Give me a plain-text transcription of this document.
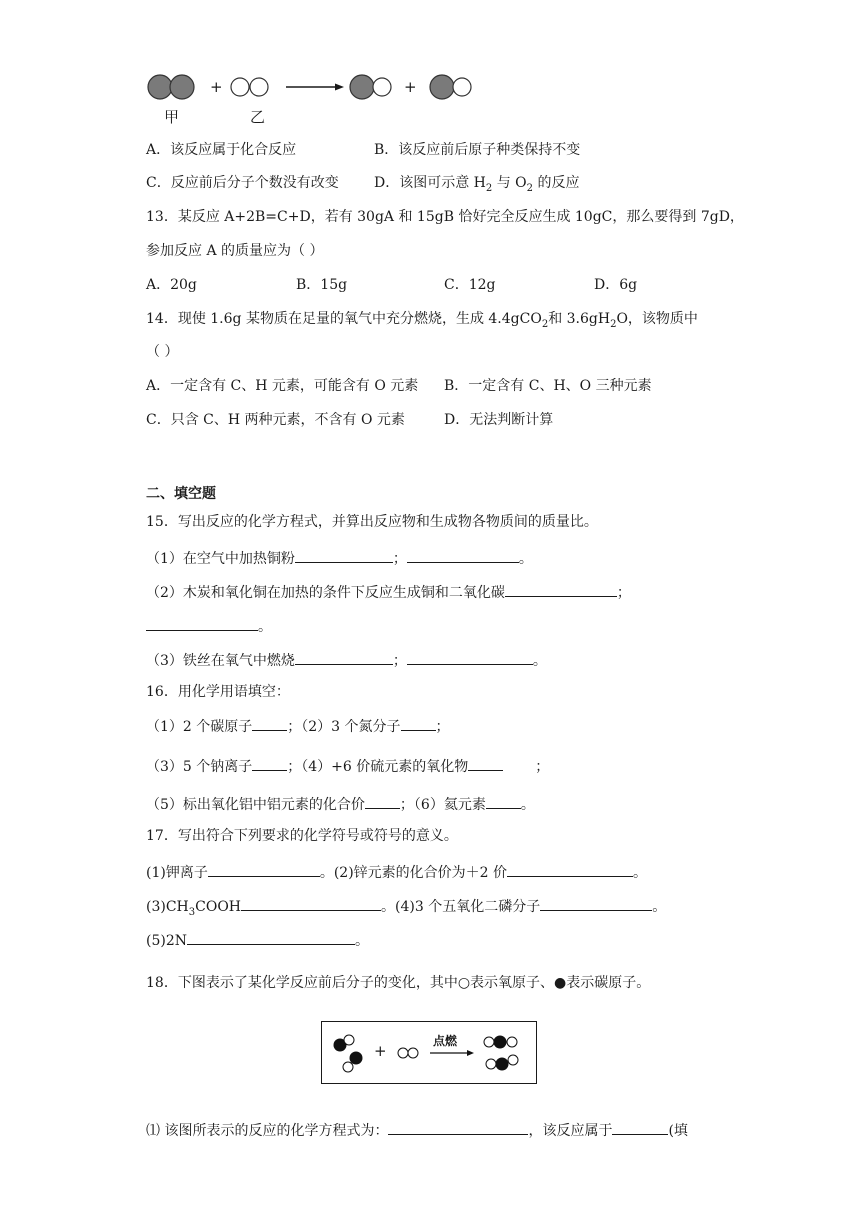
+	+
甲	乙
A．该反应属于化合反应	B．该反应前后原子种类保持不变
C．反应前后分子个数没有改变	D．该图可示意 $H_2$ 与 $O_2$ 的反应
13．某反应 A+2B=C+D，若有 30gA 和 15gB 恰好完全反应生成 10gC，那么要得到 7gD，
参加反应 A 的质量应为（ ）
A．20g	B．15g	C．12g	D．6g
14．现使 1.6g 某物质在足量的氧气中充分燃烧，生成 4.4gCO$_2$和 $3.6gH_2O$，该物质中
（ ）
A．一定含有 C、H 元素，可能含有 O 元素 B．一定含有 C、H、O 三种元素
C．只含 C、H 两种元素，不含有 O 元素	D．无法判断计算
二、填空题
15．写出反应的化学方程式，并算出反应物和生成物各物质间的质量比。
（1）在空气中加热铜粉	；	。
（2）木炭和氧化铜在加热的条件下反应生成铜和二氧化碳	；
。
（3）铁丝在氧气中燃烧	；	。
16．用化学用语填空：
（1）2 个碳原子	；（2）3 个氮分子	；
（3）5 个钠离子	；（4）+6 价硫元素的氧化物	；
（5）标出氧化铝中铝元素的化合价	；（6）氦元素	。
17．写出符合下列要求的化学符号或符号的意义。
(1)钾离子	。(2)锌元素的化合价为＋2 价	。
$(3)CH_3COOH$	。(4)3 个五氧化二磷分子	。
(5)2N	。
18．下图表示了某化学反应前后分子的变化，其中○表示氧原子、●表示碳原子。
+
点燃
⑴ 该图所表示的反应的化学方程式为：	，该反应属于	(填
